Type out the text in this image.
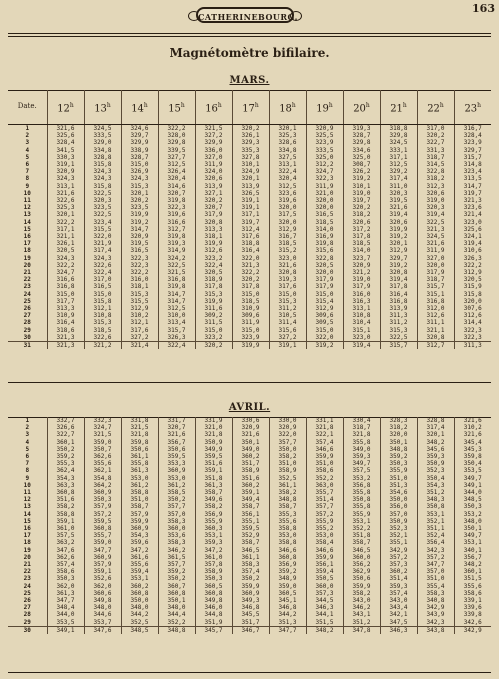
163
CATHERINEBOURG.
Magnétomètre bifilaire.
MARS.
AVRIL.
Date.	12$^h$	13$^h$	14$^h$	15$^h$	16$^h$	17$^h$	18$^h$	19$^h$	20$^h$	21$^h$	22$^h$	23$^h$
1	321,6	324,5	324,6	322,2	321,5	320,2	320,1	320,9	319,3	318,8	317,0	316,7
2	325,6	333,5	329,7	328,0	327,2	326,1	325,3	325,5	328,7	329,8	320,2	328,4
3	328,4	329,0	329,9	329,8	329,9	329,3	328,6	323,9	329,8	324,5	322,7	323,9
4	341,5	334,8	338,9	339,5	336,0	335,3	334,8	333,5	334,6	333,1	331,3	329,7
5	330,3	328,8	328,7	327,7	327,0	327,8	327,5	325,0	325,0	317,1	318,7	315,7
6	319,1	315,8	315,0	312,5	311,9	310,1	313,1	312,2	308,7	312,5	314,5	314,8
7	320,9	324,3	326,9	326,4	324,0	324,9	322,4	324,7	326,2	329,2	322,8	323,4
8	324,3	324,3	324,3	320,4	320,6	320,1	320,4	322,3	319,2	317,4	318,2	313,5
9	313,1	315,8	315,3	314,6	313,9	313,9	312,5	311,9	310,1	311,0	312,3	314,7
10	321,6	322,5	320,1	320,7	327,1	326,5	323,6	321,0	319,0	320,3	320,6	319,7
11	322,6	320,3	320,2	319,8	320,2	319,1	319,6	320,0	319,7	319,5	319,0	321,3
12	325,3	323,5	323,5	322,3	320,7	319,1	320,0	320,0	320,2	321,6	320,3	323,6
13	320,1	322,5	319,9	319,6	317,9	317,1	317,5	316,5	318,2	319,4	319,4	321,4
14	322,2	323,4	319,2	316,6	320,8	319,7	320,0	318,5	320,6	320,6	322,5	323,0
15	317,1	315,5	314,7	312,7	313,3	312,4	312,9	314,0	317,2	319,9	321,3	325,6
16	321,1	322,0	320,9	319,8	318,1	317,6	316,7	316,9	317,8	319,2	324,5	324,1
17	326,1	321,9	319,5	319,3	319,9	318,8	318,5	319,8	318,5	320,1	321,6	319,4
18	320,5	317,4	316,5	314,9	312,6	316,4	315,2	315,6	314,0	312,9	311,9	310,6
19	324,3	324,3	322,3	324,2	323,2	322,0	323,0	322,8	323,7	329,7	327,0	326,3
20	322,2	322,6	322,3	322,5	322,4	321,3	321,6	320,5	320,9	319,2	320,0	322,2
21	324,7	322,4	322,2	321,5	320,5	322,2	320,8	320,0	321,2	320,8	317,9	312,9
22	316,6	317,0	316,0	316,8	318,9	320,2	319,3	317,9	319,0	319,4	318,7	320,5
23	316,8	316,5	318,1	319,8	317,8	317,8	317,6	317,9	317,9	317,8	315,7	315,9
24	315,0	315,0	315,3	314,7	315,3	315,0	315,0	315,0	316,0	316,4	315,1	315,8
25	317,7	315,8	315,5	314,7	319,9	318,5	315,3	315,4	316,3	316,8	316,8	320,0
26	313,3	312,1	312,9	312,5	311,6	310,9	311,2	312,9	313,1	313,9	312,0	307,6
27	310,9	310,8	310,2	310,0	309,2	309,6	310,5	309,6	310,8	311,3	312,6	312,6
28	316,4	315,3	312,1	313,4	311,5	311,9	311,4	309,5	310,4	311,2	311,1	314,4
29	318,6	318,5	317,6	315,7	315,0	315,0	315,6	315,0	315,1	315,3	321,1	322,3
30	321,3	322,6	327,2	326,3	323,2	323,9	327,2	322,0	323,0	322,5	320,8	322,3
31	321,3	321,2	321,4	322,4	320,2	319,9	319,1	319,2	319,4	315,7	312,7	311,3
1	332,7	332,3	331,8	331,7	331,9	330,6	330,0	331,1	330,4	328,3	328,8	321,6
2	326,6	324,7	321,5	320,7	321,0	320,9	320,9	321,8	318,7	318,2	317,4	310,2
3	322,7	321,5	321,8	321,6	321,8	321,6	322,0	322,1	321,8	320,0	320,1	321,6
4	360,1	359,0	359,8	356,7	350,9	350,1	357,7	357,4	355,8	350,1	348,2	345,4
5	350,2	350,7	350,6	350,6	349,9	349,0	350,0	346,6	349,0	348,8	345,6	345,3
6	359,2	362,6	361,1	359,5	359,5	360,2	358,2	359,9	359,3	359,2	359,3	359,8
7	355,3	355,6	355,8	353,3	351,6	351,7	351,0	351,0	349,7	350,3	350,9	350,4
8	362,4	362,1	361,3	360,9	359,1	358,9	358,9	358,6	357,5	355,9	352,3	353,5
9	354,3	354,8	353,0	353,0	351,8	351,6	352,5	352,2	353,2	351,0	350,4	349,7
10	363,3	364,2	361,2	361,2	361,3	360,2	361,1	363,0	356,8	351,3	354,3	349,1
11	360,8	360,9	358,8	358,5	358,7	359,1	358,2	355,7	355,8	354,6	351,2	344,0
12	351,6	350,3	351,0	350,2	349,6	349,4	348,8	351,4	350,8	350,0	348,3	348,5
13	358,2	357,9	358,7	357,7	358,2	358,7	358,7	357,7	355,8	356,0	350,8	350,3
14	358,8	357,2	357,9	357,0	356,9	356,1	355,3	357,2	355,9	357,0	353,1	353,2
15	359,1	359,5	359,9	358,3	355,9	355,1	355,6	355,9	353,1	350,9	352,1	348,0
16	361,0	360,8	360,9	360,0	360,3	359,5	358,8	355,2	352,2	352,3	351,1	350,1
17	357,5	355,7	354,3	353,6	353,1	352,9	353,0	353,0	351,8	352,1	352,4	349,7
18	363,2	359,0	359,6	358,3	359,3	358,7	358,8	358,4	358,7	355,1	356,4	353,1
19	347,6	347,7	347,2	346,2	347,2	346,5	346,6	346,6	346,5	342,9	342,3	340,1
20	362,6	360,9	361,6	361,5	361,0	361,1	360,8	359,9	360,0	357,2	357,2	356,7
21	357,4	357,9	355,6	357,7	357,8	358,3	356,9	356,1	356,2	357,3	347,7	348,2
22	358,6	359,1	359,4	359,2	358,9	357,4	359,2	359,4	362,9	360,2	357,0	360,1
23	350,3	352,6	353,1	350,2	350,3	350,2	348,9	350,5	350,6	351,4	351,0	351,5
24	362,0	362,0	360,2	360,7	360,5	359,9	359,0	360,0	359,9	359,3	355,4	355,6
25	361,3	360,6	360,8	360,8	360,8	360,9	360,5	357,3	358,2	357,4	358,3	358,6
26	347,7	349,8	350,0	350,1	349,8	349,3	345,1	344,5	343,0	343,0	340,8	339,1
27	348,4	348,0	348,0	348,0	346,0	346,8	346,8	346,3	346,2	343,4	342,9	339,6
28	344,0	344,6	344,2	344,4	344,8	345,5	344,2	344,1	343,1	342,1	343,9	339,8
29	353,5	353,7	352,5	352,2	351,9	351,7	351,3	351,5	351,2	347,5	342,3	342,6
30	349,1	347,6	348,5	348,8	345,7	346,7	347,7	348,2	347,8	346,3	343,8	342,9
